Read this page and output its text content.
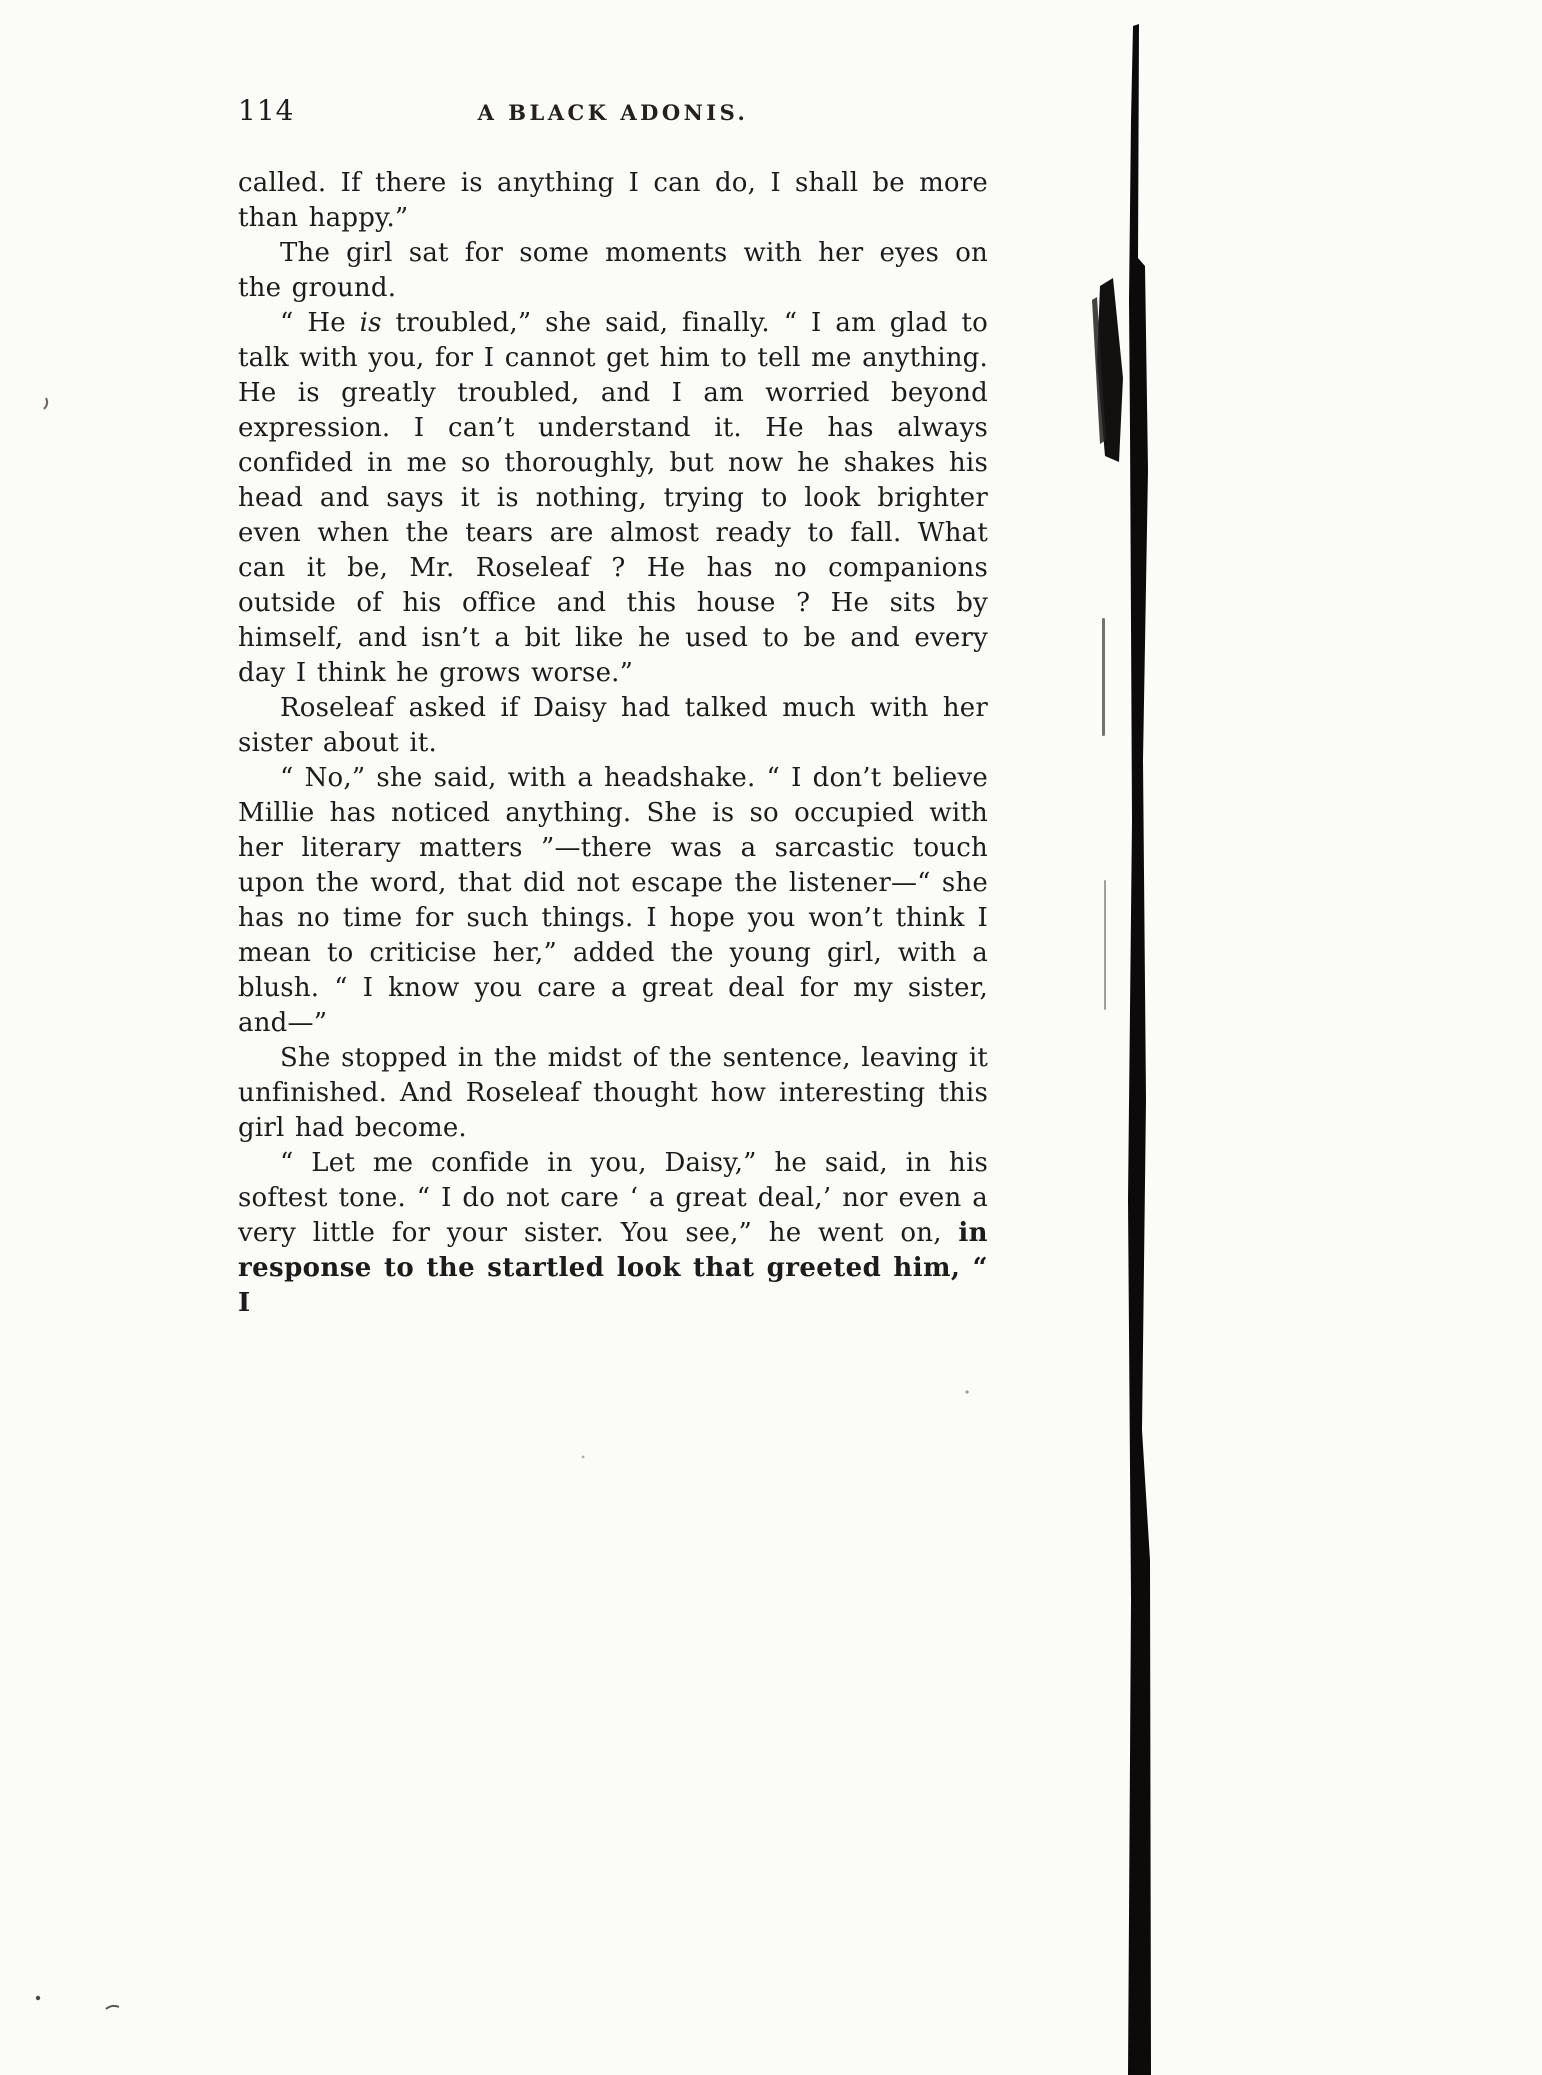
114	A BLACK ADONIS.

called. If there is anything I can do, I shall be more than happy.”

The girl sat for some moments with her eyes on the ground.

“ He is troubled,” she said, finally. “ I am glad to talk with you, for I cannot get him to tell me anything. He is greatly troubled, and I am worried beyond expression. I can’t understand it. He has always confided in me so thoroughly, but now he shakes his head and says it is nothing, trying to look brighter even when the tears are almost ready to fall. What can it be, Mr. Roseleaf ? He has no companions outside of his office and this house ? He sits by himself, and isn’t a bit like he used to be and every day I think he grows worse.”

Roseleaf asked if Daisy had talked much with her sister about it.

“ No,” she said, with a headshake. “ I don’t believe Millie has noticed anything. She is so occupied with her literary matters ”—there was a sarcastic touch upon the word, that did not escape the listener—“ she has no time for such things. I hope you won’t think I mean to criticise her,” added the young girl, with a blush. “ I know you care a great deal for my sister, and—”

She stopped in the midst of the sentence, leaving it unfinished. And Roseleaf thought how interesting this girl had become.

“ Let me confide in you, Daisy,” he said, in his softest tone. “ I do not care ‘ a great deal,’ nor even a very little for your sister. You see,” he went on, in response to the startled look that greeted him, “ I
